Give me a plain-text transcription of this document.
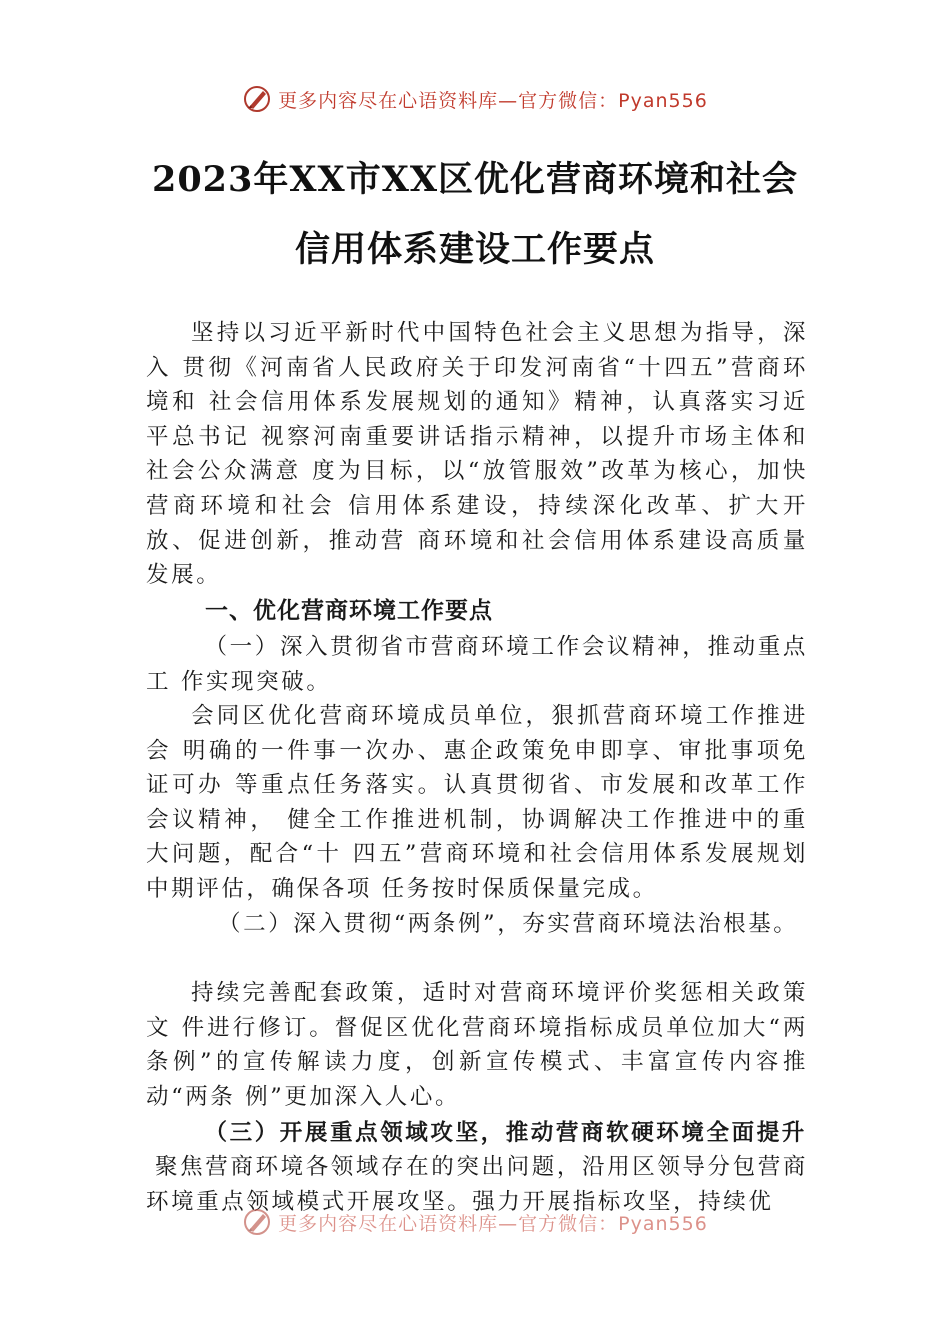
更多内容尽在心语资料库—官方微信：Pyan556
2023年XX市XX区优化营商环境和社会
信用体系建设工作要点

坚持以习近平新时代中国特色社会主义思想为指导，深入 贯彻《河南省人民政府关于印发河南省“十四五”营商环境和 社会信用体系发展规划的通知》精神，认真落实习近平总书记 视察河南重要讲话指示精神，以提升市场主体和社会公众满意 度为目标，以“放管服效”改革为核心，加快营商环境和社会 信用体系建设，持续深化改革、扩大开放、促进创新，推动营 商环境和社会信用体系建设高质量发展。

一、优化营商环境工作要点

（一）深入贯彻省市营商环境工作会议精神，推动重点工 作实现突破。

会同区优化营商环境成员单位，狠抓营商环境工作推进会 明确的一件事一次办、惠企政策免申即享、审批事项免证可办 等重点任务落实。认真贯彻省、市发展和改革工作会议精神， 健全工作推进机制，协调解决工作推进中的重大问题，配合“十 四五”营商环境和社会信用体系发展规划中期评估，确保各项 任务按时保质保量完成。

（二）深入贯彻“两条例”，夯实营商环境法治根基。

持续完善配套政策，适时对营商环境评价奖惩相关政策文 件进行修订。督促区优化营商环境指标成员单位加大“两条例”的宣传解读力度，创新宣传模式、丰富宣传内容推动“两条 例”更加深入人心。

（三）开展重点领域攻坚，推动营商软硬环境全面提升

聚焦营商环境各领域存在的突出问题，沿用区领导分包营商环境重点领域模式开展攻坚。强力开展指标攻坚，持续优

更多内容尽在心语资料库—官方微信：Pyan556
